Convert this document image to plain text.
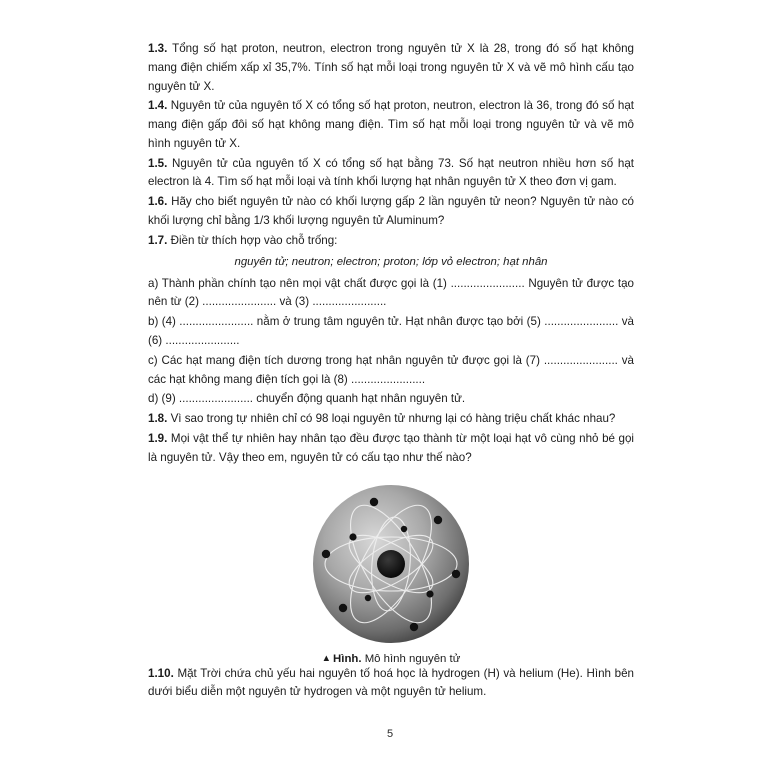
1.3. Tổng số hạt proton, neutron, electron trong nguyên tử X là 28, trong đó số hạt không mang điện chiếm xấp xỉ 35,7%. Tính số hạt mỗi loại trong nguyên tử X và vẽ mô hình cấu tạo nguyên tử X.

1.4. Nguyên tử của nguyên tố X có tổng số hạt proton, neutron, electron là 36, trong đó số hạt mang điện gấp đôi số hạt không mang điện. Tìm số hạt mỗi loại trong nguyên tử và vẽ mô hình nguyên tử X.

1.5. Nguyên tử của nguyên tố X có tổng số hạt bằng 73. Số hạt neutron nhiều hơn số hạt electron là 4. Tìm số hạt mỗi loại và tính khối lượng hạt nhân nguyên tử X theo đơn vị gam.

1.6. Hãy cho biết nguyên tử nào có khối lượng gấp 2 lần nguyên tử neon? Nguyên tử nào có khối lượng chỉ bằng 1/3 khối lượng nguyên tử Aluminum?

1.7. Điền từ thích hợp vào chỗ trống:

nguyên tử; neutron; electron; proton; lớp vỏ electron; hạt nhân

a) Thành phần chính tạo nên mọi vật chất được gọi là (1) ....................... Nguyên tử được tạo nên từ (2) ....................... và (3) .......................

b) (4) ....................... nằm ở trung tâm nguyên tử. Hạt nhân được tạo bởi (5) ....................... và (6) .......................

c) Các hạt mang điện tích dương trong hạt nhân nguyên tử được gọi là (7) ....................... và các hạt không mang điện tích gọi là (8) .......................

d) (9) ....................... chuyển động quanh hạt nhân nguyên tử.

1.8. Vì sao trong tự nhiên chỉ có 98 loại nguyên tử nhưng lại có hàng triệu chất khác nhau?

1.9. Mọi vật thể tự nhiên hay nhân tạo đều được tạo thành từ một loại hạt vô cùng nhỏ bé gọi là nguyên tử. Vậy theo em, nguyên tử có cấu tạo như thế nào?

▲ Hình. Mô hình nguyên tử

1.10. Mặt Trời chứa chủ yếu hai nguyên tố hoá học là hydrogen (H) và helium (He). Hình bên dưới biểu diễn một nguyên tử hydrogen và một nguyên tử helium.

5
